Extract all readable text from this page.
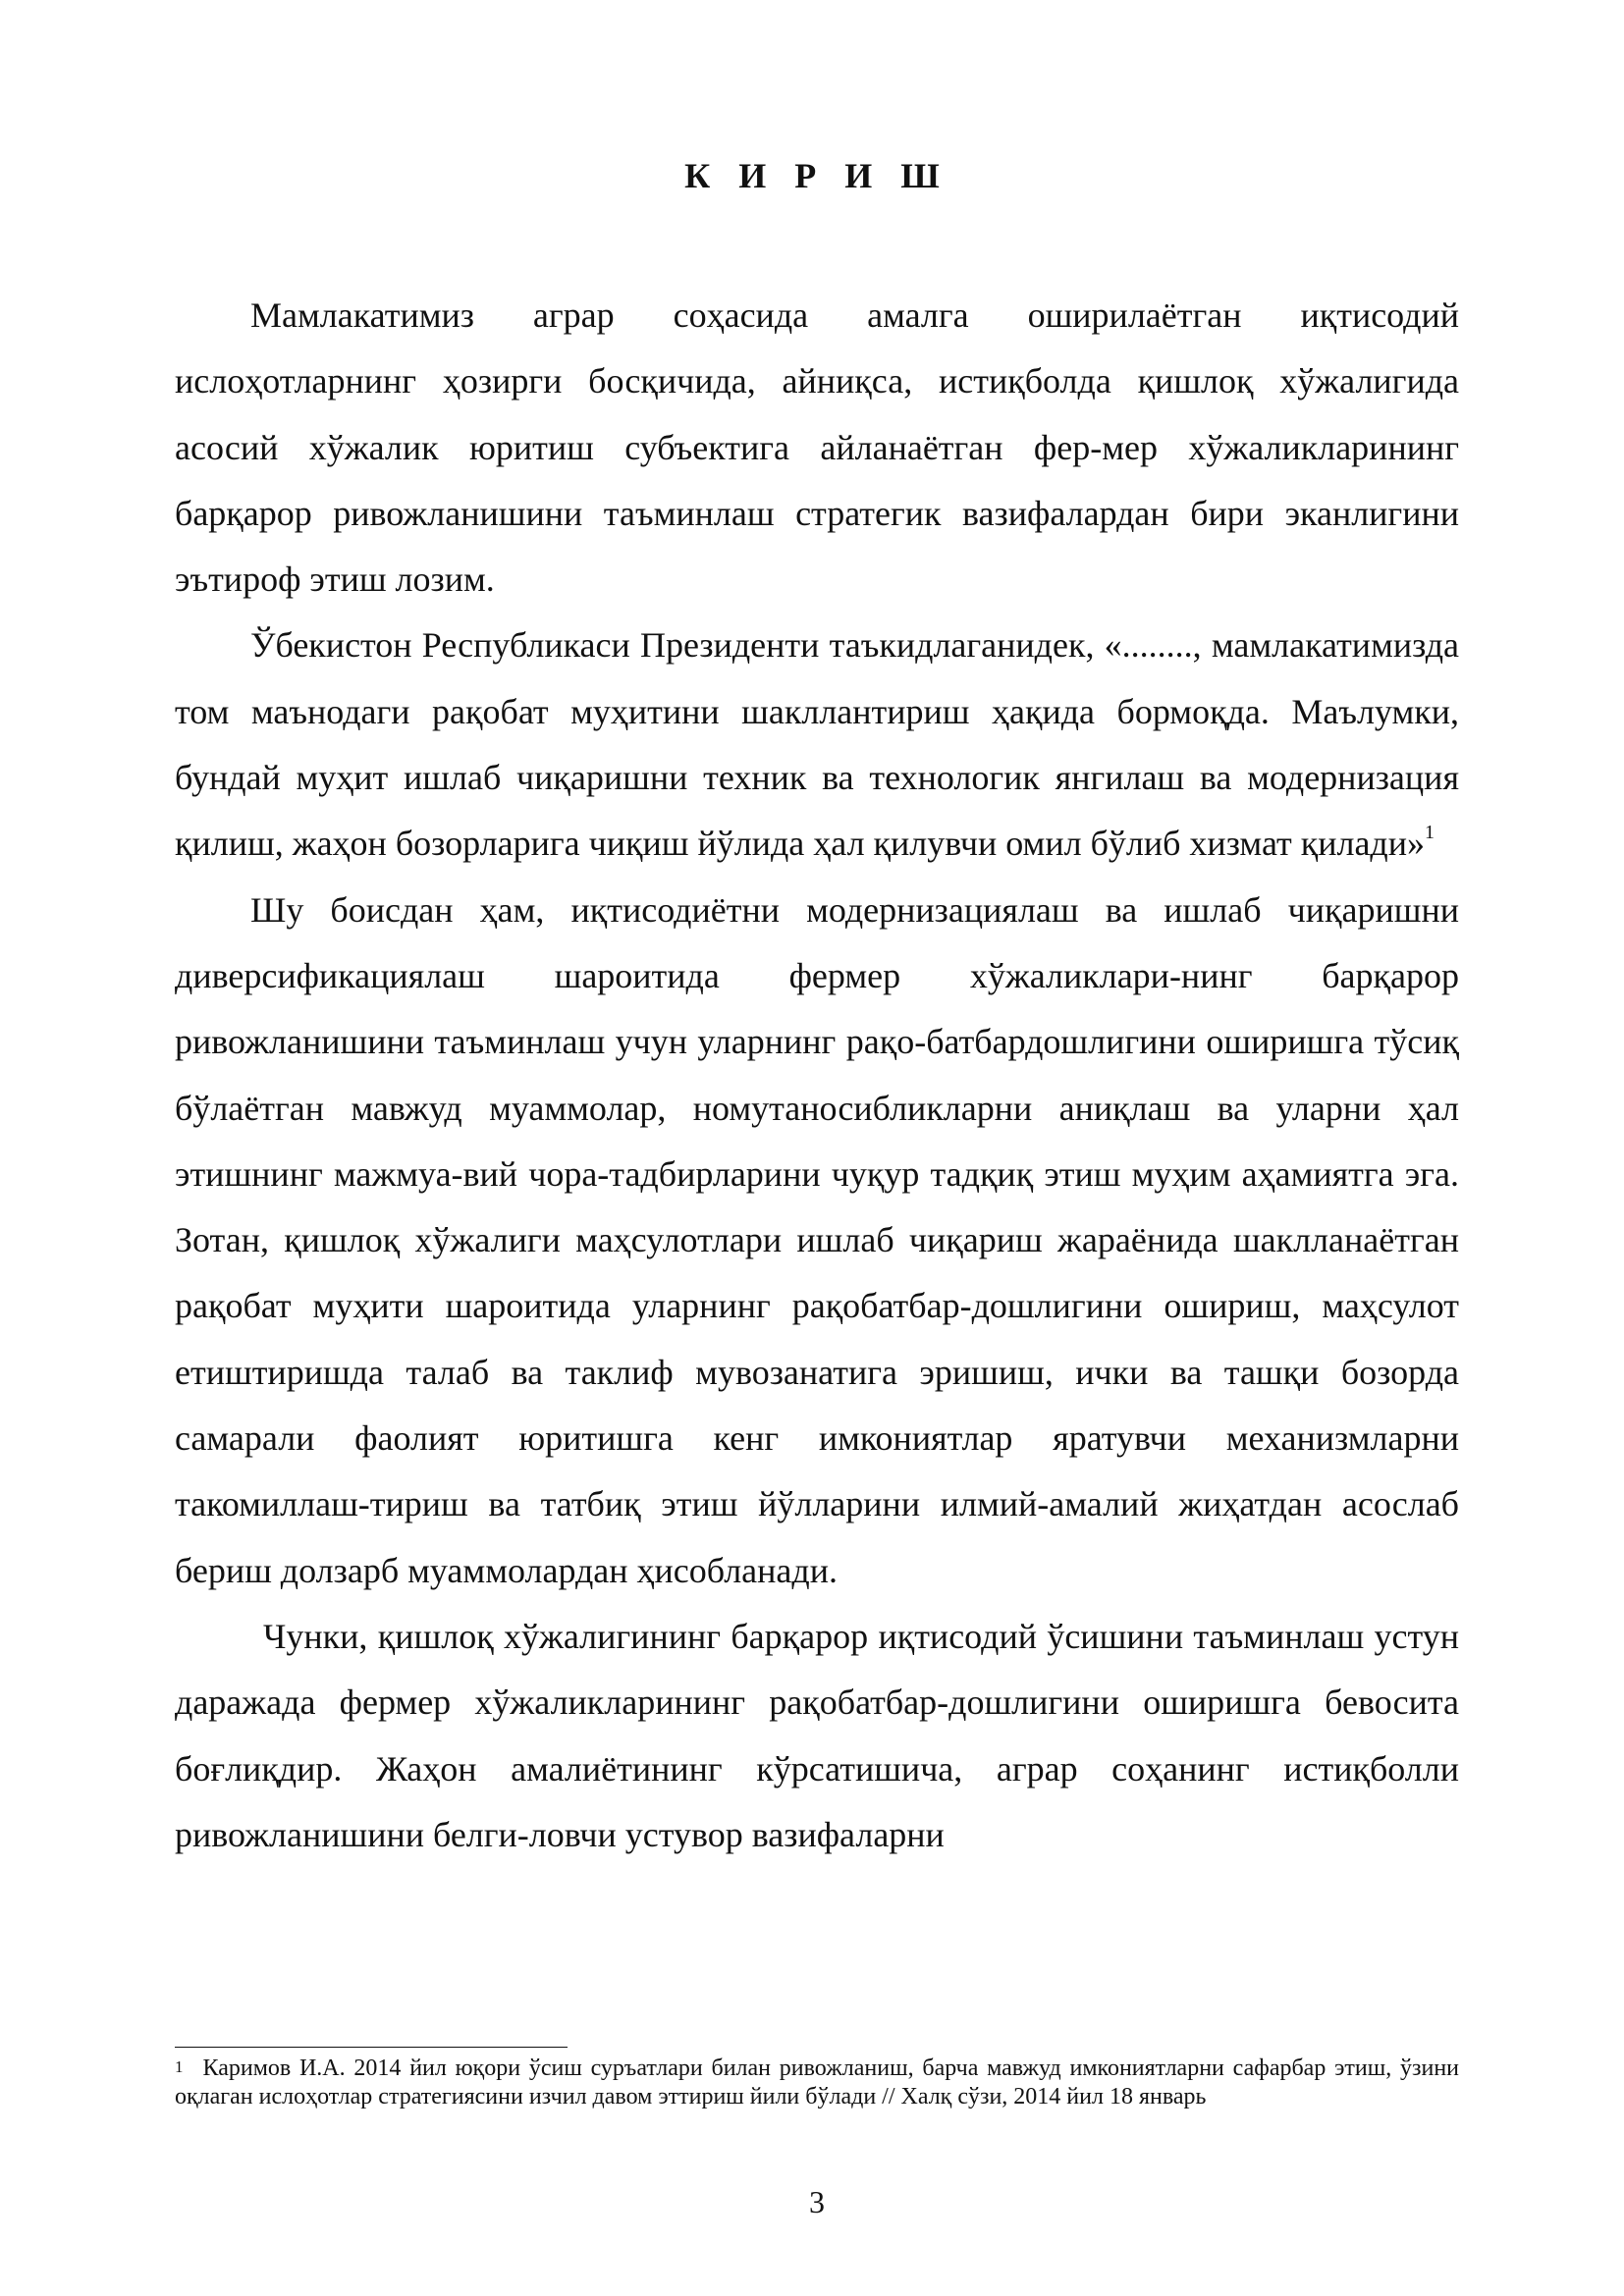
К И Р И Ш

Мамлакатимиз аграр соҳасида амалга оширилаётган иқтисодий ислоҳотларнинг ҳозирги босқичида, айниқса, истиқболда қишлоқ хўжалигида асосий хўжалик юритиш субъектига айланаётган фер-мер хўжаликларининг барқарор ривожланишини таъминлаш стратегик вазифалардан бири эканлигини эътироф этиш лозим.

Ўбекистон Республикаси Президенти таъкидлаганидек, «........, мамлакатимизда том маънодаги рақобат муҳитини шакллантириш ҳақида бормоқда. Маълумки, бундай муҳит ишлаб чиқаришни техник ва технологик янгилаш ва модернизация қилиш, жаҳон бозорларига чиқиш йўлида ҳал қилувчи омил бўлиб хизмат қилади»$^1$

Шу боисдан ҳам, иқтисодиётни модернизациялаш ва ишлаб чиқаришни диверсификациялаш шароитида фермер хўжаликлари-нинг барқарор ривожланишини таъминлаш учун уларнинг рақо-батбардошлигини оширишга тўсиқ бўлаётган мавжуд муаммолар, номутаносибликларни аниқлаш ва уларни ҳал этишнинг мажмуа-вий чора-тадбирларини чуқур тадқиқ этиш муҳим аҳамиятга эга. Зотан, қишлоқ хўжалиги маҳсулотлари ишлаб чиқариш жараёнида шаклланаётган рақобат муҳити шароитида уларнинг рақобатбар-дошлигини ошириш, маҳсулот етиштиришда талаб ва таклиф мувозанатига эришиш, ички ва ташқи бозорда самарали фаолият юритишга кенг имкониятлар яратувчи механизмларни такомиллаш-тириш ва татбиқ этиш йўлларини илмий-амалий жиҳатдан асослаб бериш долзарб муаммолардан ҳисобланади.

Чунки, қишлоқ хўжалигининг барқарор иқтисодий ўсишини таъминлаш устун даражада фермер хўжаликларининг рақобатбар-дошлигини оширишга бевосита боғлиқдир. Жаҳон амалиётининг кўрсатишича, аграр соҳанинг истиқболли ривожланишини белги-ловчи устувор вазифаларни

$^1$ Каримов И.А. 2014 йил юқори ўсиш суръатлари билан ривожланиш, барча мавжуд имкониятларни сафарбар этиш, ўзини оқлаган ислоҳотлар стратегиясини изчил давом эттириш йили бўлади // Халқ сўзи, 2014 йил 18 январь
3
